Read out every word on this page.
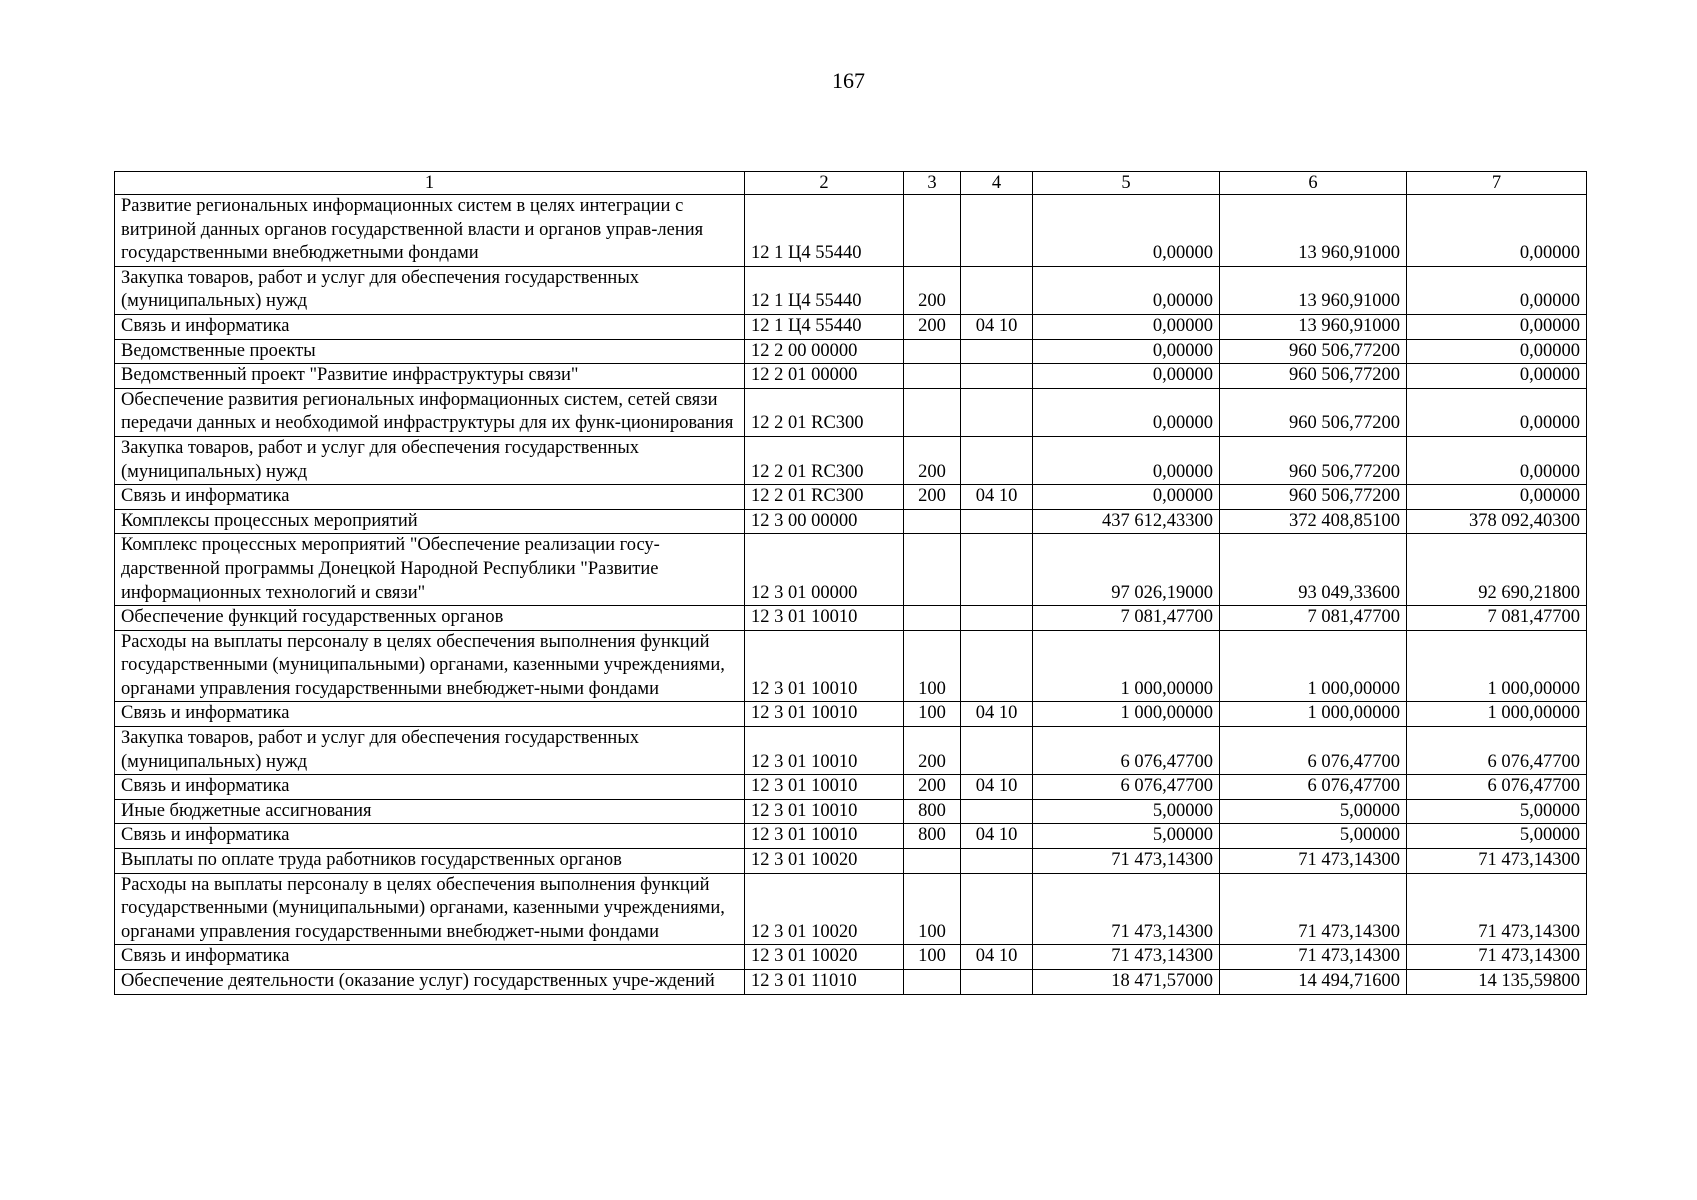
167
1	2	3	4	5	6	7
Развитие региональных информационных систем в целях интеграции с витриной данных органов государственной власти и органов управ-ления государственными внебюджетными фондами	12 1 Ц4 55440			0,00000	13 960,91000	0,00000
Закупка товаров, работ и услуг для обеспечения государственных (муниципальных) нужд	12 1 Ц4 55440	200		0,00000	13 960,91000	0,00000
Связь и информатика	12 1 Ц4 55440	200	04 10	0,00000	13 960,91000	0,00000
Ведомственные проекты	12 2 00 00000			0,00000	960 506,77200	0,00000
Ведомственный проект "Развитие инфраструктуры связи"	12 2 01 00000			0,00000	960 506,77200	0,00000
Обеспечение развития региональных информационных систем, сетей связи передачи данных и необходимой инфраструктуры для их функ-ционирования	12 2 01 RC300			0,00000	960 506,77200	0,00000
Закупка товаров, работ и услуг для обеспечения государственных (муниципальных) нужд	12 2 01 RC300	200		0,00000	960 506,77200	0,00000
Связь и информатика	12 2 01 RC300	200	04 10	0,00000	960 506,77200	0,00000
Комплексы процессных мероприятий	12 3 00 00000			437 612,43300	372 408,85100	378 092,40300
Комплекс процессных мероприятий "Обеспечение реализации госу-дарственной программы Донецкой Народной Республики "Развитие информационных технологий и связи"	12 3 01 00000			97 026,19000	93 049,33600	92 690,21800
Обеспечение функций государственных органов	12 3 01 10010			7 081,47700	7 081,47700	7 081,47700
Расходы на выплаты персоналу в целях обеспечения выполнения функций государственными (муниципальными) органами, казенными учреждениями, органами управления государственными внебюджет-ными фондами	12 3 01 10010	100		1 000,00000	1 000,00000	1 000,00000
Связь и информатика	12 3 01 10010	100	04 10	1 000,00000	1 000,00000	1 000,00000
Закупка товаров, работ и услуг для обеспечения государственных (муниципальных) нужд	12 3 01 10010	200		6 076,47700	6 076,47700	6 076,47700
Связь и информатика	12 3 01 10010	200	04 10	6 076,47700	6 076,47700	6 076,47700
Иные бюджетные ассигнования	12 3 01 10010	800		5,00000	5,00000	5,00000
Связь и информатика	12 3 01 10010	800	04 10	5,00000	5,00000	5,00000
Выплаты по оплате труда работников государственных органов	12 3 01 10020			71 473,14300	71 473,14300	71 473,14300
Расходы на выплаты персоналу в целях обеспечения выполнения функций государственными (муниципальными) органами, казенными учреждениями, органами управления государственными внебюджет-ными фондами	12 3 01 10020	100		71 473,14300	71 473,14300	71 473,14300
Связь и информатика	12 3 01 10020	100	04 10	71 473,14300	71 473,14300	71 473,14300
Обеспечение деятельности (оказание услуг) государственных учре-ждений	12 3 01 11010			18 471,57000	14 494,71600	14 135,59800
